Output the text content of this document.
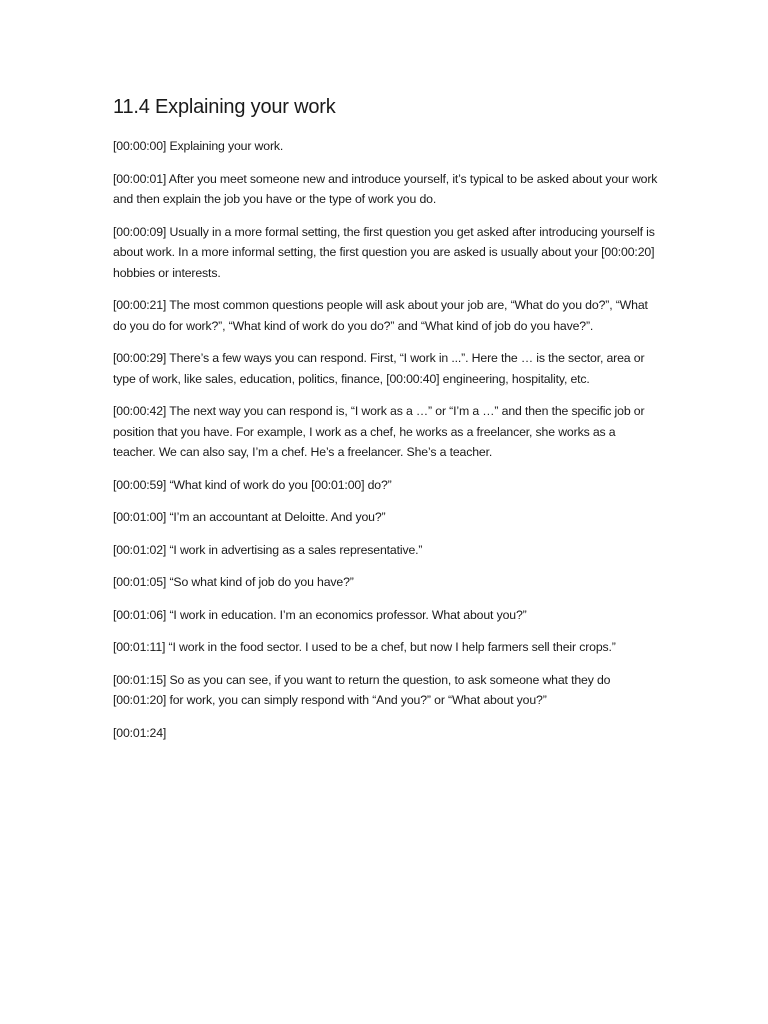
11.4 Explaining your work

[00:00:00] Explaining your work.

[00:00:01] After you meet someone new and introduce yourself, it’s typical to be asked about your work and then explain the job you have or the type of work you do.

[00:00:09] Usually in a more formal setting, the first question you get asked after introducing yourself is about work. In a more informal setting, the first question you are asked is usually about your [00:00:20] hobbies or interests.

[00:00:21] The most common questions people will ask about your job are, “What do you do?”, “What do you do for work?”, “What kind of work do you do?” and “What kind of job do you have?”.

[00:00:29] There’s a few ways you can respond. First, “I work in ...”. Here the … is the sector, area or type of work, like sales, education, politics, finance, [00:00:40] engineering, hospitality, etc.

[00:00:42] The next way you can respond is, “I work as a …” or “I’m a …” and then the specific job or position that you have. For example, I work as a chef, he works as a freelancer, she works as a teacher. We can also say, I’m a chef. He’s a freelancer. She’s a teacher.

[00:00:59] “What kind of work do you [00:01:00] do?”

[00:01:00] “I’m an accountant at Deloitte. And you?”

[00:01:02] “I work in advertising as a sales representative.”

[00:01:05] “So what kind of job do you have?”

[00:01:06] “I work in education. I’m an economics professor. What about you?”

[00:01:11] “I work in the food sector. I used to be a chef, but now I help farmers sell their crops.”

[00:01:15] So as you can see, if you want to return the question, to ask someone what they do [00:01:20] for work, you can simply respond with “And you?” or “What about you?”

[00:01:24]
